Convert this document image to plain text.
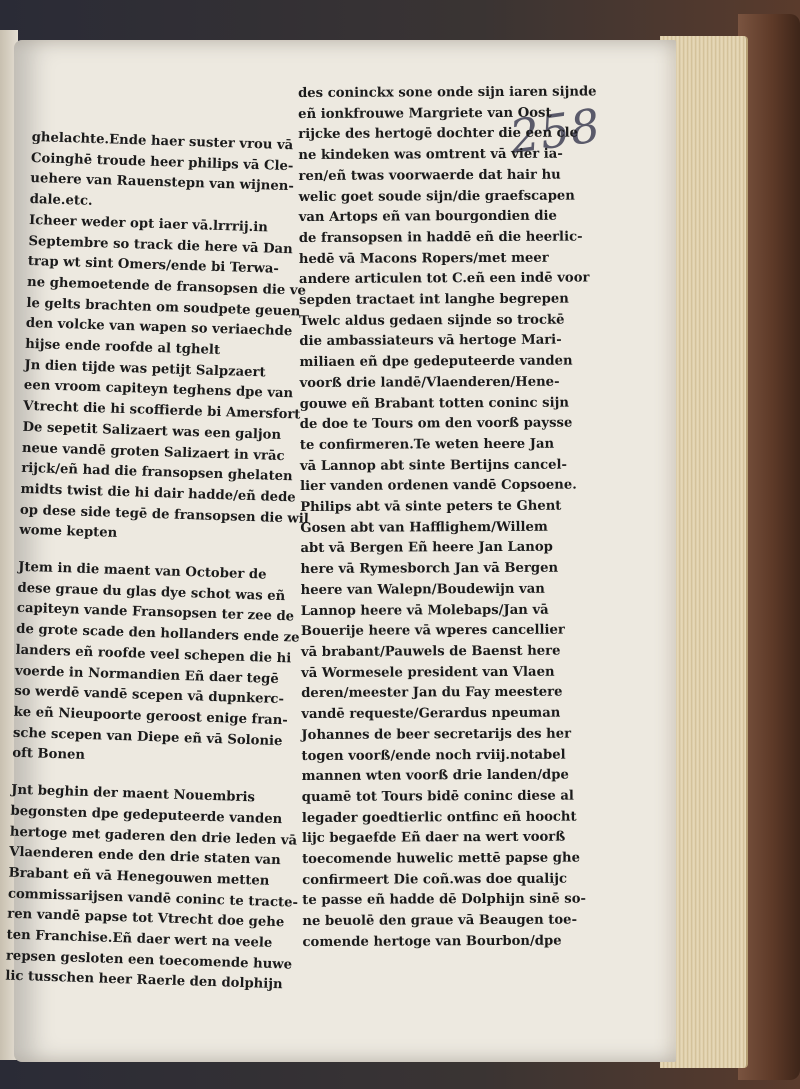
258
ghelachte.Ende haer suster vrou vā
Coinghē troude heer philips vā Cle-
uehere van Rauenstepn van wijnen-
dale.etc.
Icheer weder opt iaer vā.lrrrij.in
Septembre so track die here vā Dan
trap wt sint Omers/ende bi Terwa-
ne ghemoetende de fransopsen die ve
le gelts brachten om soudpete geuen
den volcke van wapen so veriaechde
hijse ende roofde al tghelt
Jn dien tijde was petijt Salpzaert
een vroom capiteyn teghens dpe van
Vtrecht die hi scoffierde bi Amersfort
De sepetit Salizaert was een galjon
neue vandē groten Salizaert in vrāc
rijck/eñ had die fransopsen ghelaten
midts twist die hi dair hadde/eñ dede
op dese side tegē de fransopsen die wil
wome kepten
Jtem in die maent van October de
dese graue du glas dye schot was eñ
capiteyn vande Fransopsen ter zee de
de grote scade den hollanders ende ze
landers eñ roofde veel schepen die hi
voerde in Normandien Eñ daer tegē
so werdē vandē scepen vā dupnkerc-
ke eñ Nieupoorte geroost enige fran-
sche scepen van Diepe eñ vā Solonie
oft Bonen
Jnt beghin der maent Nouembris
begonsten dpe gedeputeerde vanden
hertoge met gaderen den drie leden vā
Vlaenderen ende den drie staten van
Brabant eñ vā Henegouwen metten
commissarijsen vandē coninc te tracte-
ren vandē papse tot Vtrecht doe gehe
ten Franchise.Eñ daer wert na veele
repsen gesloten een toecomende huwe
lic tusschen heer Raerle den dolphijn
des coninckx sone onde sijn iaren sijnde
eñ ionkfrouwe Margriete van Oost
rijcke des hertogē dochter die een cle
ne kindeken was omtrent vā vier ia-
ren/eñ twas voorwaerde dat hair hu
welic goet soude sijn/die graefscapen
van Artops eñ van bourgondien die
de fransopsen in haddē eñ die heerlic-
hedē vā Macons Ropers/met meer
andere articulen tot C.eñ een indē voor
sepden tractaet int langhe begrepen
Twelc aldus gedaen sijnde so trockē
die ambassiateurs vā hertoge Mari-
miliaen eñ dpe gedeputeerde vanden
voorß drie landē/Vlaenderen/Hene-
gouwe eñ Brabant totten coninc sijn
de doe te Tours om den voorß paysse
te confirmeren.Te weten heere Jan
vā Lannop abt sinte Bertijns cancel-
lier vanden ordenen vandē Copsoene.
Philips abt vā sinte peters te Ghent
Gosen abt van Hafflighem/Willem
abt vā Bergen Eñ heere Jan Lanop
here vā Rymesborch Jan vā Bergen
heere van Walepn/Boudewijn van
Lannop heere vā Molebaps/Jan vā
Bouerije heere vā wperes cancellier
vā brabant/Pauwels de Baenst here
vā Wormesele president van Vlaen
deren/meester Jan du Fay meestere
vandē requeste/Gerardus npeuman
Johannes de beer secretarijs des her
togen voorß/ende noch rviij.notabel
mannen wten voorß drie landen/dpe
quamē tot Tours bidē coninc diese al
legader goedtierlic ontfinc eñ hoocht
lijc begaefde Eñ daer na wert voorß
toecomende huwelic mettē papse ghe
confirmeert Die coñ.was doe qualijc
te passe eñ hadde dē Dolphijn sinē so-
ne beuolē den graue vā Beaugen toe-
comende hertoge van Bourbon/dpe
